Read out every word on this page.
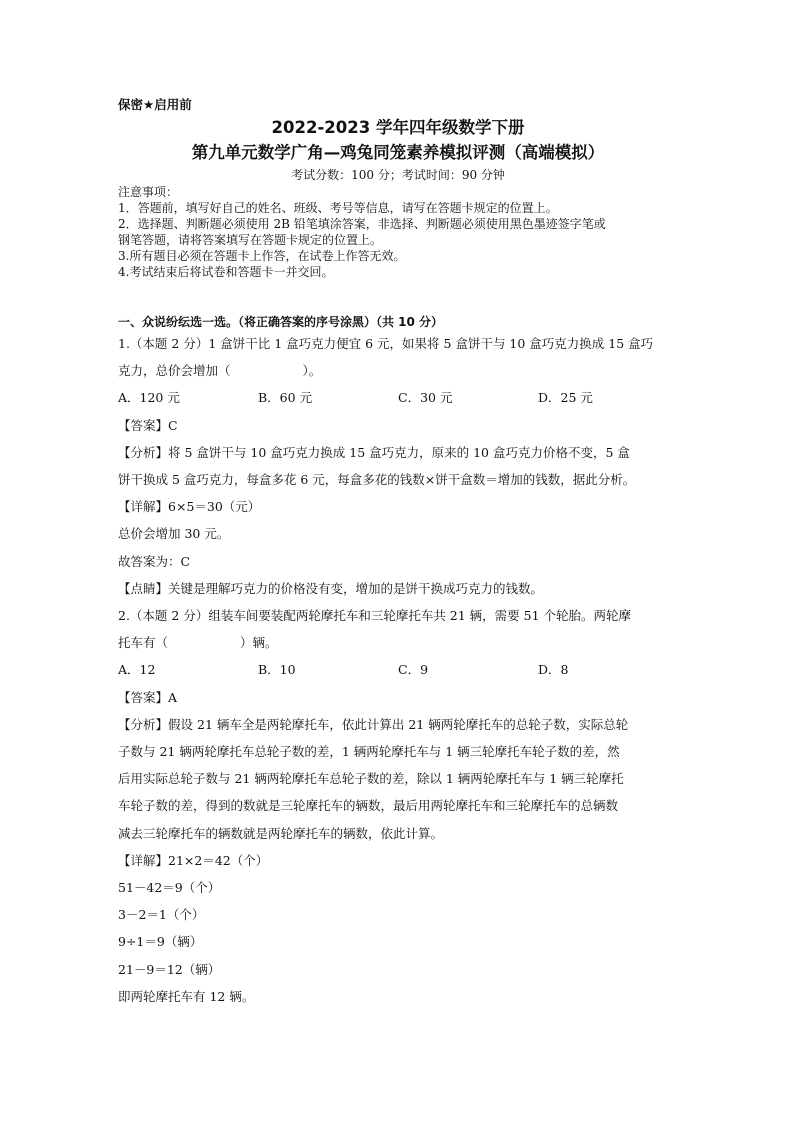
保密★启用前

2022-2023 学年四年级数学下册

第九单元数学广角—鸡兔同笼素养模拟评测（高端模拟）

考试分数：100 分；考试时间：90 分钟

注意事项：

1．答题前，填写好自己的姓名、班级、考号等信息，请写在答题卡规定的位置上。

2．选择题、判断题必须使用 2B 铅笔填涂答案，非选择、判断题必须使用黑色墨迹签字笔或

钢笔答题，请将答案填写在答题卡规定的位置上。

3.所有题目必须在答题卡上作答，在试卷上作答无效。

4.考试结束后将试卷和答题卡一并交回。

一、众说纷纭选一选。（将正确答案的序号涂黑）（共 10 分）

1.（本题 2 分）1 盒饼干比 1 盒巧克力便宜 6 元，如果将 5 盒饼干与 10 盒巧克力换成 15 盒巧

克力，总价会增加（	）。

A．120 元	B．60 元	C．30 元	D．25 元

【答案】C

【分析】将 5 盒饼干与 10 盒巧克力换成 15 盒巧克力，原来的 10 盒巧克力价格不变，5 盒

饼干换成 5 盒巧克力，每盒多花 6 元，每盒多花的钱数×饼干盒数＝增加的钱数，据此分析。

【详解】6×5＝30（元）

总价会增加 30 元。

故答案为：C

【点睛】关键是理解巧克力的价格没有变，增加的是饼干换成巧克力的钱数。

2.（本题 2 分）组装车间要装配两轮摩托车和三轮摩托车共 21 辆，需要 51 个轮胎。两轮摩

托车有（	）辆。

A．12	B．10	C．9	D．8

【答案】A

【分析】假设 21 辆车全是两轮摩托车，依此计算出 21 辆两轮摩托车的总轮子数，实际总轮

子数与 21 辆两轮摩托车总轮子数的差，1 辆两轮摩托车与 1 辆三轮摩托车轮子数的差，然

后用实际总轮子数与 21 辆两轮摩托车总轮子数的差，除以 1 辆两轮摩托车与 1 辆三轮摩托

车轮子数的差，得到的数就是三轮摩托车的辆数，最后用两轮摩托车和三轮摩托车的总辆数

减去三轮摩托车的辆数就是两轮摩托车的辆数，依此计算。

【详解】21×2＝42（个）

51－42＝9（个）

3－2＝1（个）

9÷1＝9（辆）

21－9＝12（辆）

即两轮摩托车有 12 辆。
